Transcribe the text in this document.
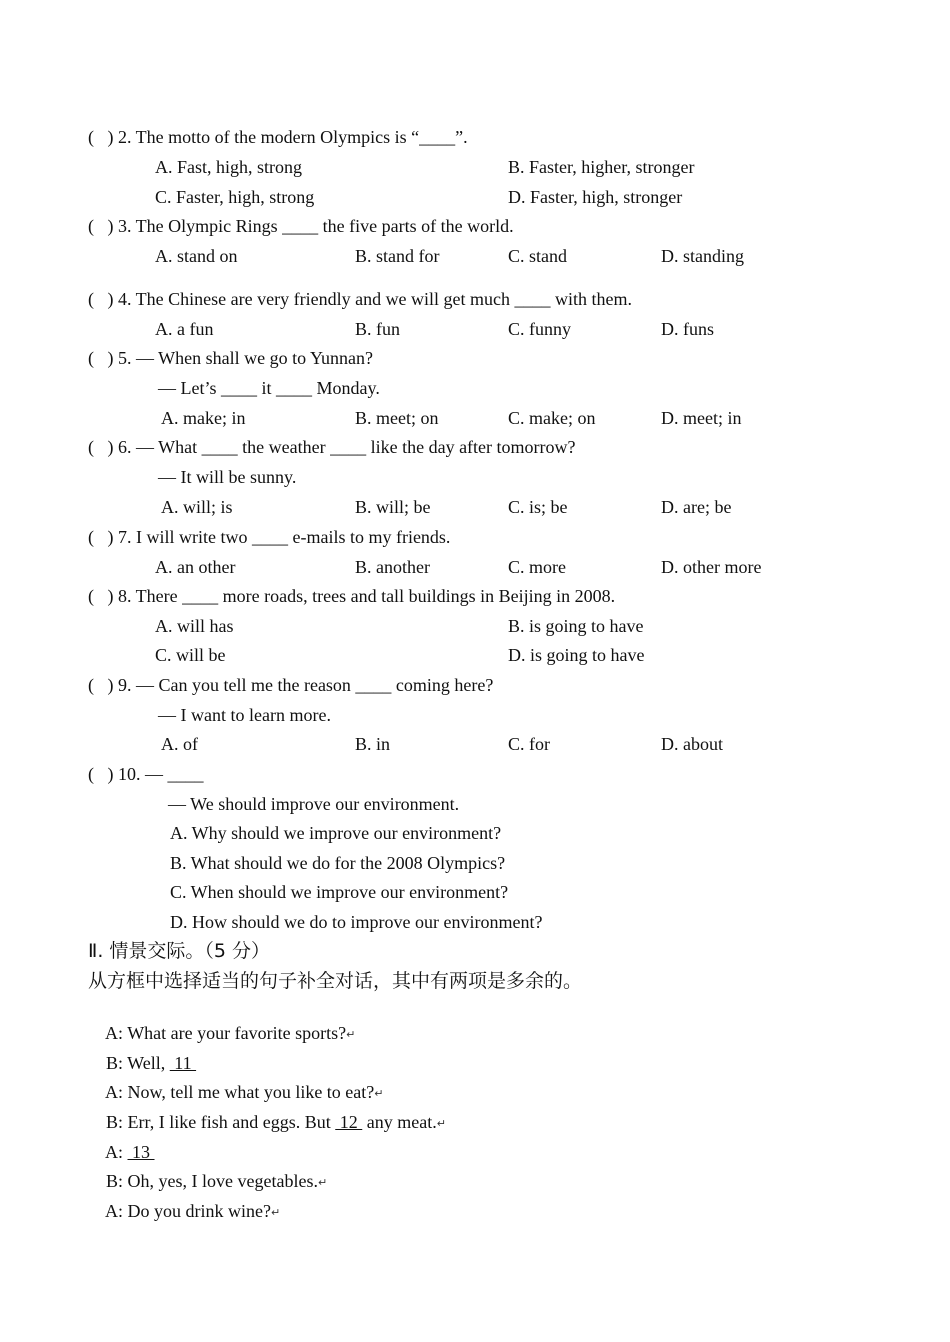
(   ) 2. The motto of the modern Olympics is “____”.
A. Fast, high, strong	B. Faster, higher, stronger
C. Faster, high, strong	D. Faster, high, stronger
(   ) 3. The Olympic Rings ____ the five parts of the world.
A. stand on	B. stand for	C. stand	D. standing
(   ) 4. The Chinese are very friendly and we will get much ____ with them.
A. a fun	B. fun	C. funny	D. funs
(   ) 5. — When shall we go to Yunnan?
— Let’s ____ it ____ Monday.
A. make; in	B. meet; on	C. make; on	D. meet; in
(   ) 6. — What ____ the weather ____ like the day after tomorrow?
— It will be sunny.
A. will; is	B. will; be	C. is; be	D. are; be
(   ) 7. I will write two ____ e-mails to my friends.
A. an other	B. another	C. more	D. other more
(   ) 8. There ____ more roads, trees and tall buildings in Beijing in 2008.
A. will has	B. is going to have
C. will be	D. is going to have
(   ) 9. — Can you tell me the reason ____ coming here?
— I want to learn more.
A. of	B. in	C. for	D. about
(   ) 10. — ____
— We should improve our environment.
A. Why should we improve our environment?
B. What should we do for the 2008 Olympics?
C. When should we improve our environment?
D. How should we do to improve our environment?
Ⅱ. 情景交际。（5 分）
从方框中选择适当的句子补全对话，其中有两项是多余的。

A: What are your favorite sports?↵

B: Well,  11

A: Now, tell me what you like to eat?↵

B: Err, I like fish and eggs. But  12  any meat.↵

A:  13

B: Oh, yes, I love vegetables.↵

A: Do you drink wine?↵
